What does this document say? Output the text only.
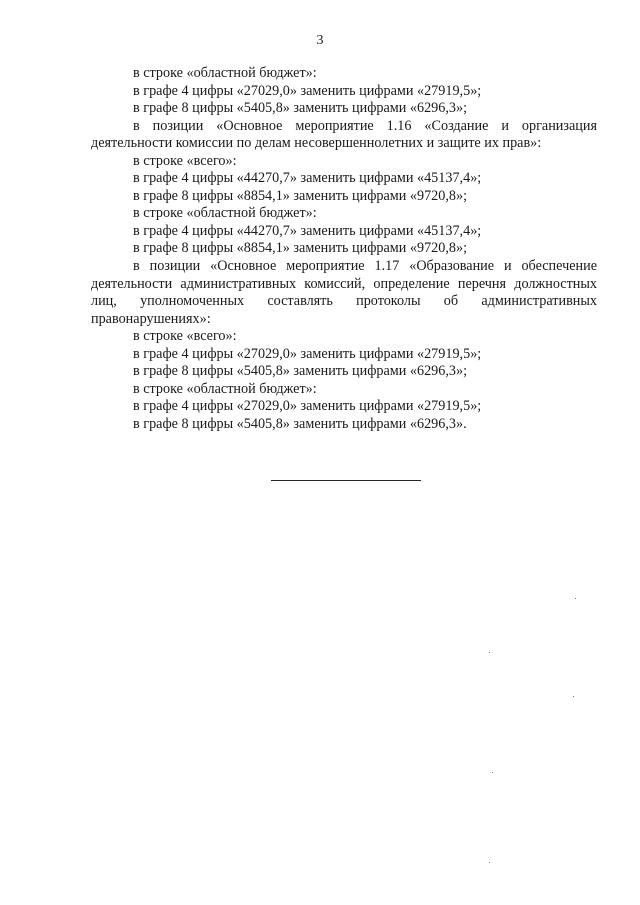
3
в строке «областной бюджет»:
в графе 4 цифры «27029,0» заменить цифрами «27919,5»;
в графе 8 цифры «5405,8» заменить цифрами «6296,3»;
в позиции «Основное мероприятие 1.16 «Создание и организация
деятельности комиссии по делам несовершеннолетних и защите их прав»:
в строке «всего»:
в графе 4 цифры «44270,7» заменить цифрами «45137,4»;
в графе 8 цифры «8854,1» заменить цифрами «9720,8»;
в строке «областной бюджет»:
в графе 4 цифры «44270,7» заменить цифрами «45137,4»;
в графе 8 цифры «8854,1» заменить цифрами «9720,8»;
в позиции «Основное мероприятие 1.17 «Образование и обеспечение
деятельности административных комиссий, определение перечня должностных
лиц, уполномоченных составлять протоколы об административных
правонарушениях»:
в строке «всего»:
в графе 4 цифры «27029,0» заменить цифрами «27919,5»;
в графе 8 цифры «5405,8» заменить цифрами «6296,3»;
в строке «областной бюджет»:
в графе 4 цифры «27029,0» заменить цифрами «27919,5»;
в графе 8 цифры «5405,8» заменить цифрами «6296,3».
